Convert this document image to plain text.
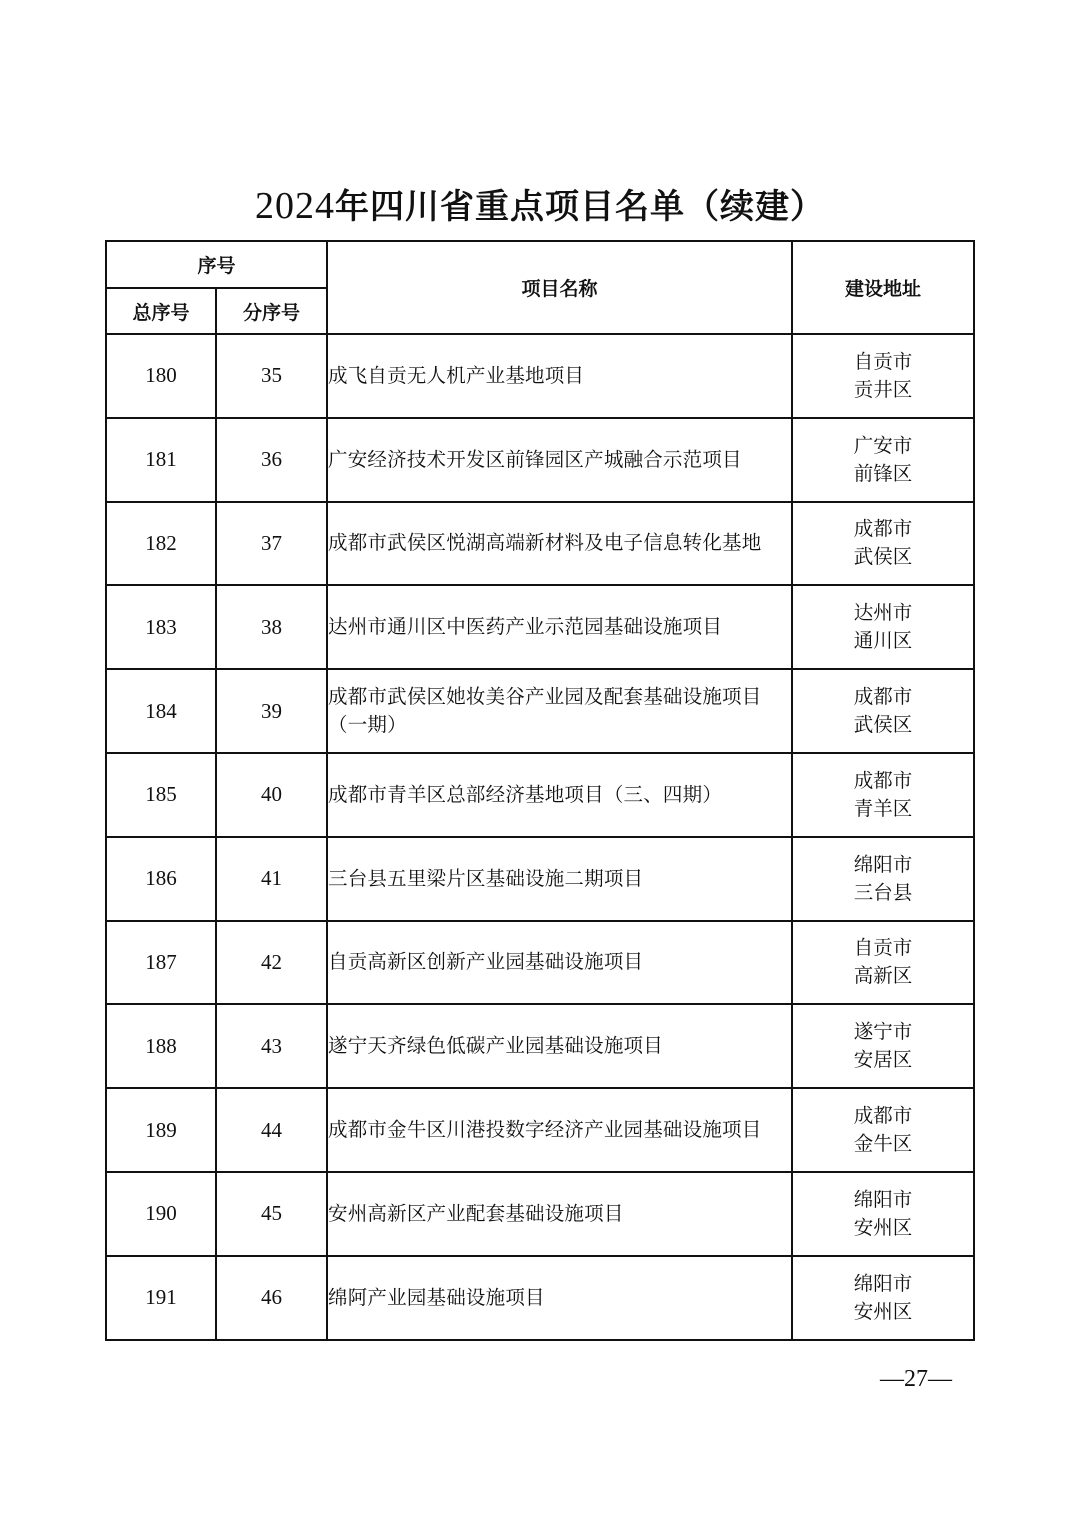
2024年四川省重点项目名单（续建）
序号		项目名称	建设地址
总序号	分序号		
180	35	成飞自贡无人机产业基地项目	自贡市
贡井区

181	36	广安经济技术开发区前锋园区产城融合示范项目	广安市
前锋区

182	37	成都市武侯区悦湖高端新材料及电子信息转化基地	成都市
武侯区

183	38	达州市通川区中医药产业示范园基础设施项目	达州市
通川区

184	39	成都市武侯区她妆美谷产业园及配套基础设施项目（一期）	成都市
武侯区

185	40	成都市青羊区总部经济基地项目（三、四期）	成都市
青羊区

186	41	三台县五里梁片区基础设施二期项目	绵阳市
三台县

187	42	自贡高新区创新产业园基础设施项目	自贡市
高新区

188	43	遂宁天齐绿色低碳产业园基础设施项目	遂宁市
安居区

189	44	成都市金牛区川港投数字经济产业园基础设施项目	成都市
金牛区

190	45	安州高新区产业配套基础设施项目	绵阳市
安州区

191	46	绵阿产业园基础设施项目	绵阳市
安州区
—27—
